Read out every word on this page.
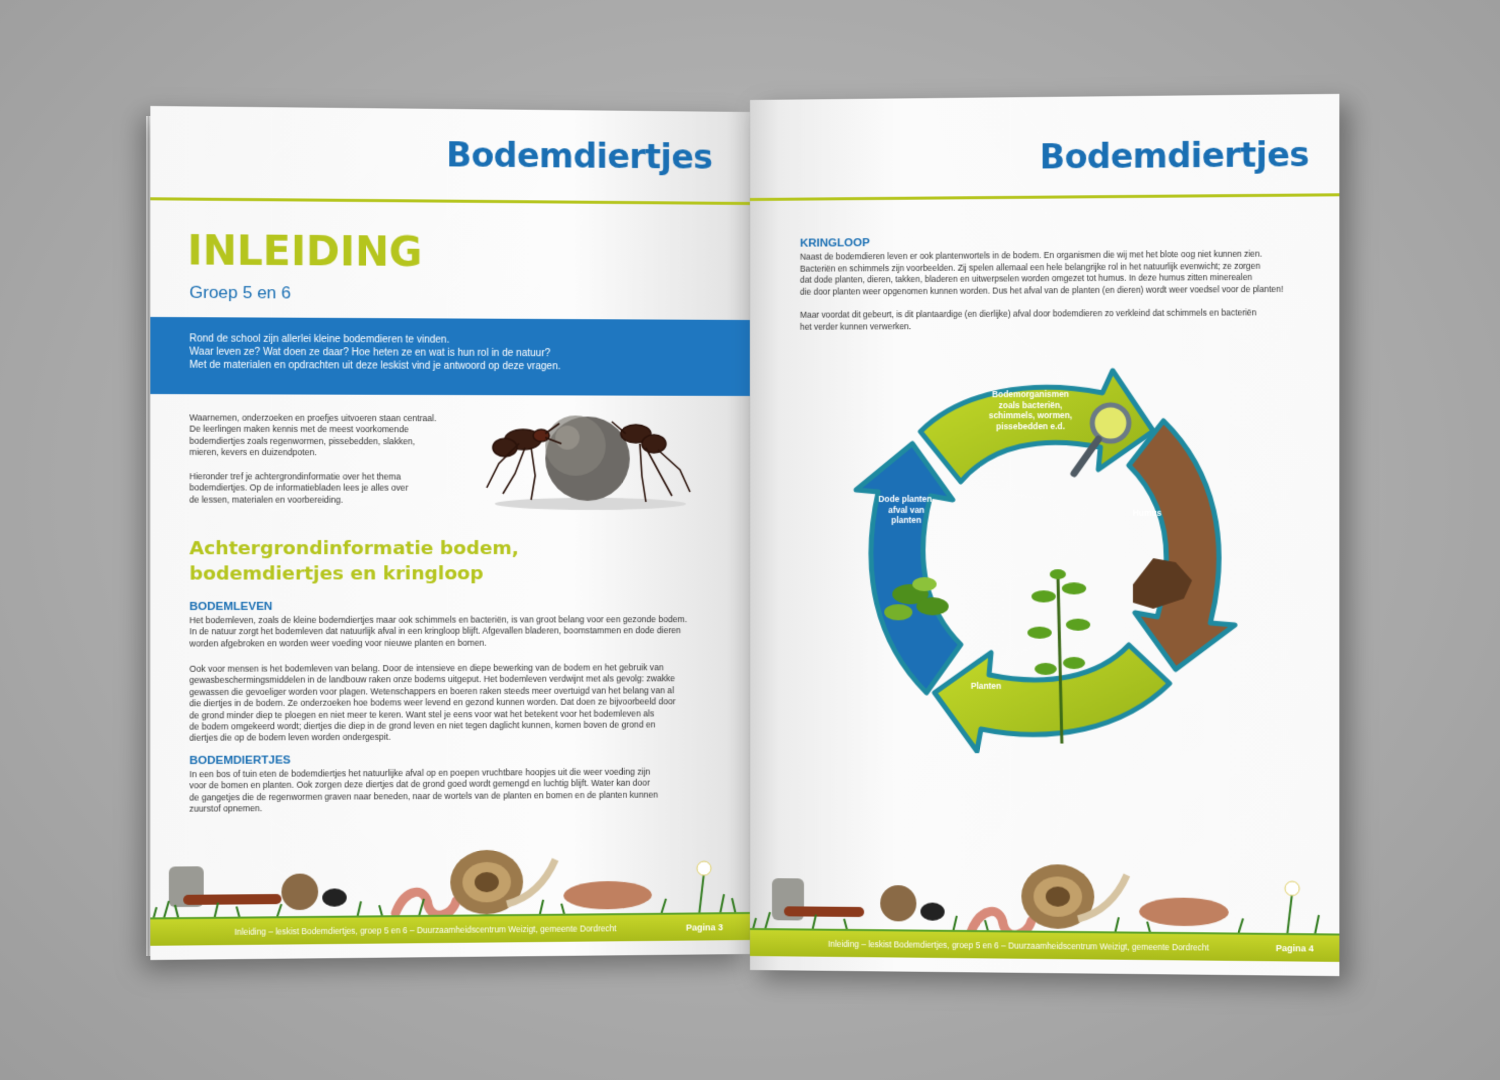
Bodemdiertjes
INLEIDING
Groep 5 en 6
Rond de school zijn allerlei kleine bodemdieren te vinden.
Waar leven ze? Wat doen ze daar? Hoe heten ze en wat is hun rol in de natuur?
Met de materialen en opdrachten uit deze leskist vind je antwoord op deze vragen.
Waarnemen, onderzoeken en proefjes uitvoeren staan centraal.
De leerlingen maken kennis met de meest voorkomende
bodemdiertjes zoals regenwormen, pissebedden, slakken,
mieren, kevers en duizendpoten.
Hieronder tref je achtergrondinformatie over het thema
bodemdiertjes. Op de informatiebladen lees je alles over
de lessen, materialen en voorbereiding.
Achtergrondinformatie bodem,
bodemdiertjes en kringloop
BODEMLEVEN
Het bodemleven, zoals de kleine bodemdiertjes maar ook schimmels en bacteriën, is van groot belang voor een gezonde bodem.
In de natuur zorgt het bodemleven dat natuurlijk afval in een kringloop blijft. Afgevallen bladeren, boomstammen en dode dieren
worden afgebroken en worden weer voeding voor nieuwe planten en bomen.
Ook voor mensen is het bodemleven van belang. Door de intensieve en diepe bewerking van de bodem en het gebruik van
gewasbeschermingsmiddelen in de landbouw raken onze bodems uitgeput. Het bodemleven verdwijnt met als gevolg: zwakke
gewassen die gevoeliger worden voor plagen. Wetenschappers en boeren raken steeds meer overtuigd van het belang van al
die diertjes in de bodem. Ze onderzoeken hoe bodems weer levend en gezond kunnen worden. Dat doen ze bijvoorbeeld door
de grond minder diep te ploegen en niet meer te keren. Want stel je eens voor wat het betekent voor het bodemleven als
de bodem omgekeerd wordt; diertjes die diep in de grond leven en niet tegen daglicht kunnen, komen boven de grond en
diertjes die op de bodem leven worden ondergespit.
BODEMDIERTJES
In een bos of tuin eten de bodemdiertjes het natuurlijke afval op en poepen vruchtbare hoopjes uit die weer voeding zijn
voor de bomen en planten. Ook zorgen deze diertjes dat de grond goed wordt gemengd en luchtig blijft. Water kan door
de gangetjes die de regenwormen graven naar beneden, naar de wortels van de planten en bomen en de planten kunnen
zuurstof opnemen.
Inleiding – leskist Bodemdiertjes, groep 5 en 6 – Duurzaamheidscentrum Weizigt, gemeente Dordrecht	Pagina 3
Bodemdiertjes
KRINGLOOP
Naast de bodemdieren leven er ook plantenwortels in de bodem. En organismen die wij met het blote oog niet kunnen zien.
Bacteriën en schimmels zijn voorbeelden. Zij spelen allemaal een hele belangrijke rol in het natuurlijk evenwicht; ze zorgen
dat dode planten, dieren, takken, bladeren en uitwerpselen worden omgezet tot humus. In deze humus zitten minerealen
die door planten weer opgenomen kunnen worden. Dus het afval van de planten (en dieren) wordt weer voedsel voor de planten!
Maar voordat dit gebeurt, is dit plantaardige (en dierlijke) afval door bodemdieren zo verkleind dat schimmels en bacteriën
het verder kunnen verwerken.
Bodemorganismen
zoals bacteriën,
schimmels, wormen,
pissebedden e.d.
Dode planten,
afval van
planten
Humus
Planten
Inleiding – leskist Bodemdiertjes, groep 5 en 6 – Duurzaamheidscentrum Weizigt, gemeente Dordrecht	Pagina 4
